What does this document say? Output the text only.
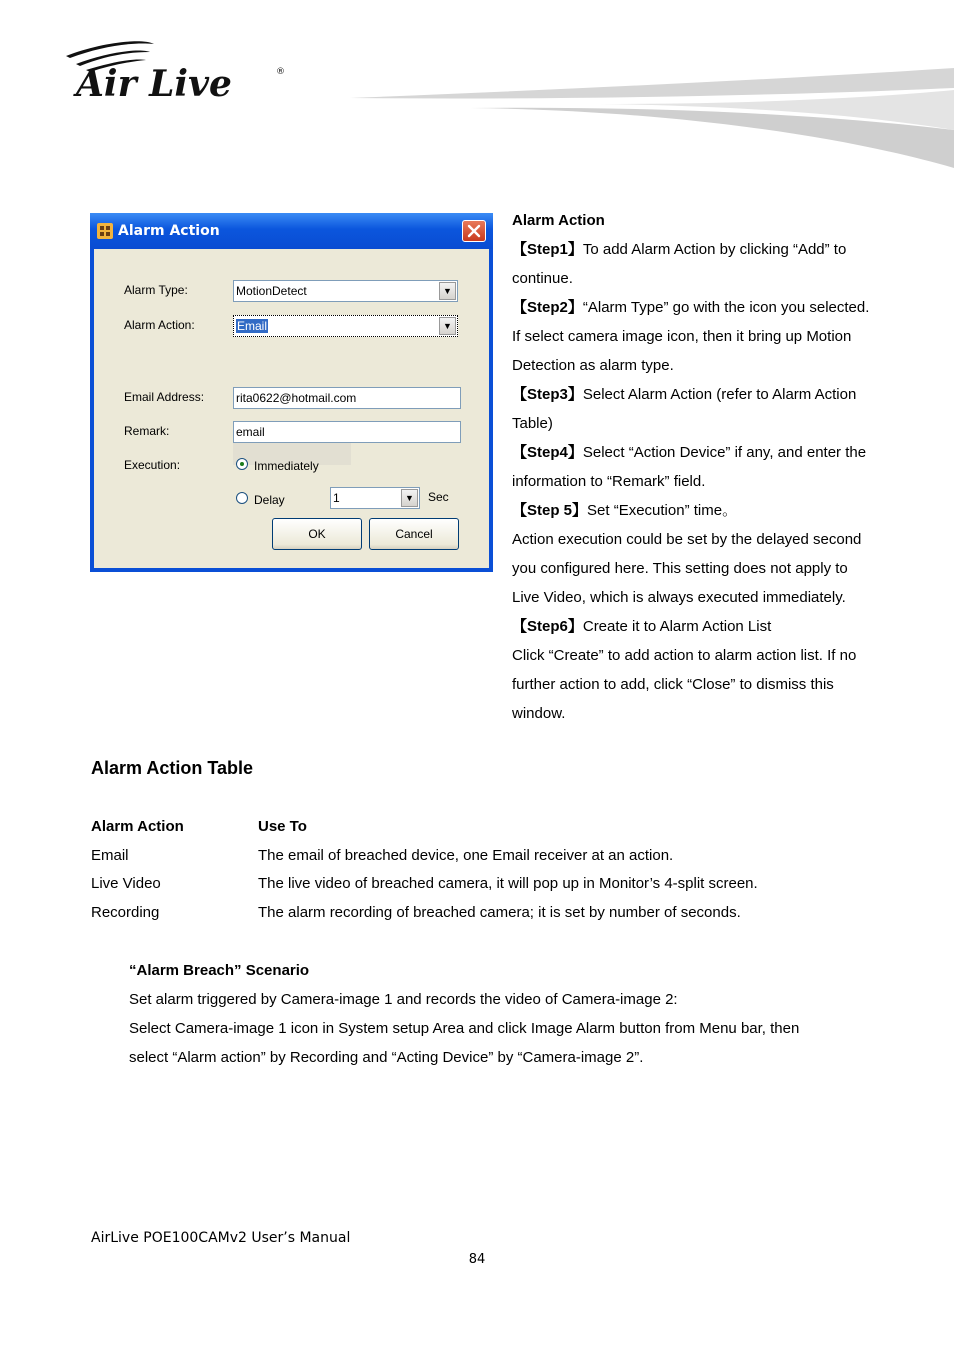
Air Live	®
Alarm Action
Alarm Type:	MotionDetect	▼
Alarm Action:	Email	▼
Email Address:	rita0622@hotmail.com
Remark:	email
Execution:	Immediately
Delay	1	▼	Sec
OK	Cancel
Alarm Action
【Step1】To add Alarm Action by clicking “Add” to
continue.
【Step2】“Alarm Type” go with the icon you selected.
If select camera image icon, then it bring up Motion
Detection as alarm type.
【Step3】Select Alarm Action (refer to Alarm Action
Table)
【Step4】Select “Action Device” if any, and enter the
information to “Remark” field.
【Step 5】Set “Execution” time。
Action execution could be set by the delayed second
you configured here. This setting does not apply to
Live Video, which is always executed immediately.
【Step6】Create it to Alarm Action List
Click “Create” to add action to alarm action list. If no
further action to add, click “Close” to dismiss this
window.
Alarm Action Table
Alarm Action	Use To
Email	The email of breached device, one Email receiver at an action.
Live Video	The live video of breached camera, it will pop up in Monitor’s 4-split screen.
Recording	The alarm recording of breached camera; it is set by number of seconds.
“Alarm Breach” Scenario
Set alarm triggered by Camera-image 1 and records the video of Camera-image 2:
Select Camera-image 1 icon in System setup Area and click Image Alarm button from Menu bar, then
select “Alarm action” by Recording and “Acting Device” by “Camera-image 2”.
AirLive POE100CAMv2 User’s Manual
84
